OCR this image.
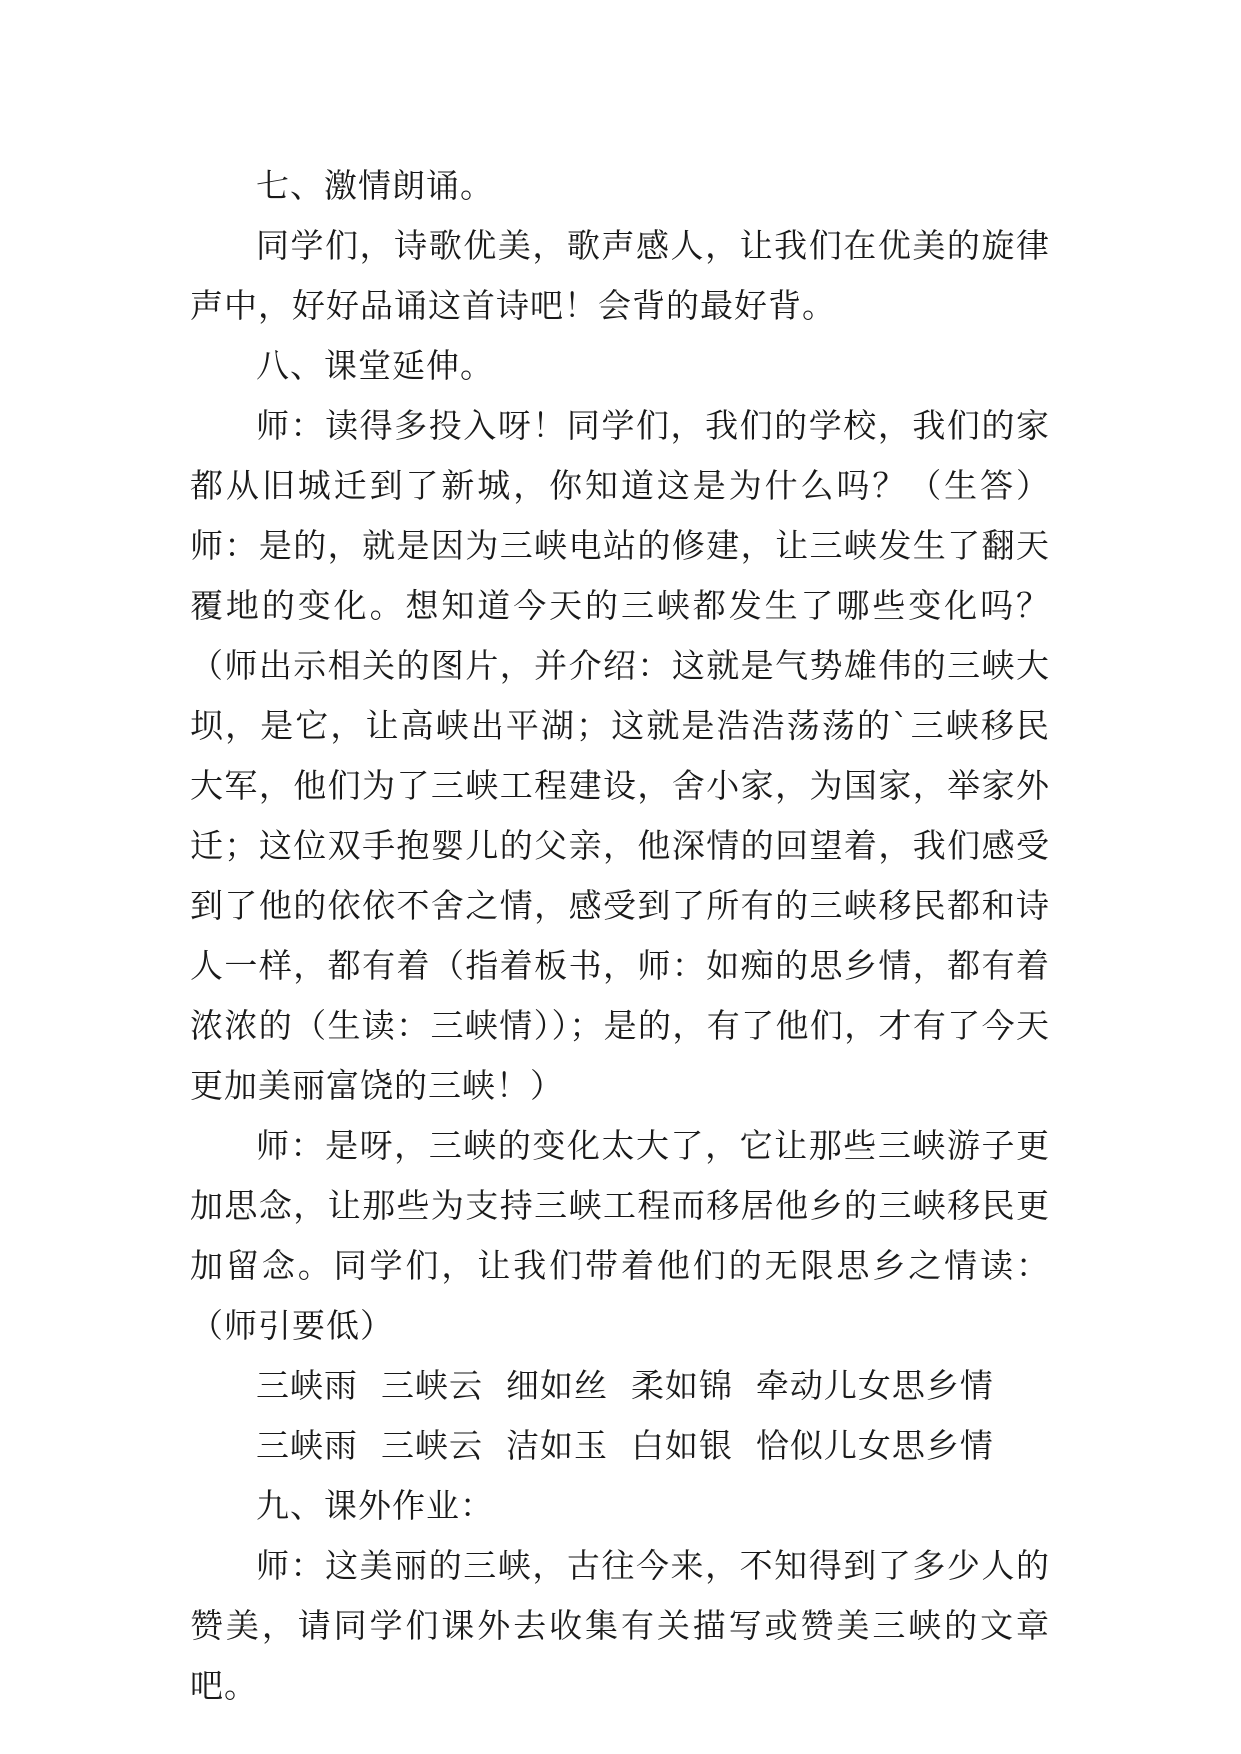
七、激情朗诵。

同学们，诗歌优美，歌声感人，让我们在优美的旋律声中，好好品诵这首诗吧！会背的最好背。

八、课堂延伸。

师：读得多投入呀！同学们，我们的学校，我们的家都从旧城迁到了新城，你知道这是为什么吗？（生答）师：是的，就是因为三峡电站的修建，让三峡发生了翻天覆地的变化。想知道今天的三峡都发生了哪些变化吗？（师出示相关的图片，并介绍：这就是气势雄伟的三峡大坝，是它，让高峡出平湖；这就是浩浩荡荡的`三峡移民大军，他们为了三峡工程建设，舍小家，为国家，举家外迁；这位双手抱婴儿的父亲，他深情的回望着，我们感受到了他的依依不舍之情，感受到了所有的三峡移民都和诗人一样，都有着（指着板书，师：如痴的思乡情，都有着浓浓的（生读：三峡情））；是的，有了他们，才有了今天更加美丽富饶的三峡！）

师：是呀，三峡的变化太大了，它让那些三峡游子更加思念，让那些为支持三峡工程而移居他乡的三峡移民更加留念。同学们，让我们带着他们的无限思乡之情读：（师引要低）

三峡雨  三峡云  细如丝  柔如锦  牵动儿女思乡情

三峡雨  三峡云  洁如玉  白如银  恰似儿女思乡情

九、课外作业：

师：这美丽的三峡，古往今来，不知得到了多少人的赞美，请同学们课外去收集有关描写或赞美三峡的文章吧。
